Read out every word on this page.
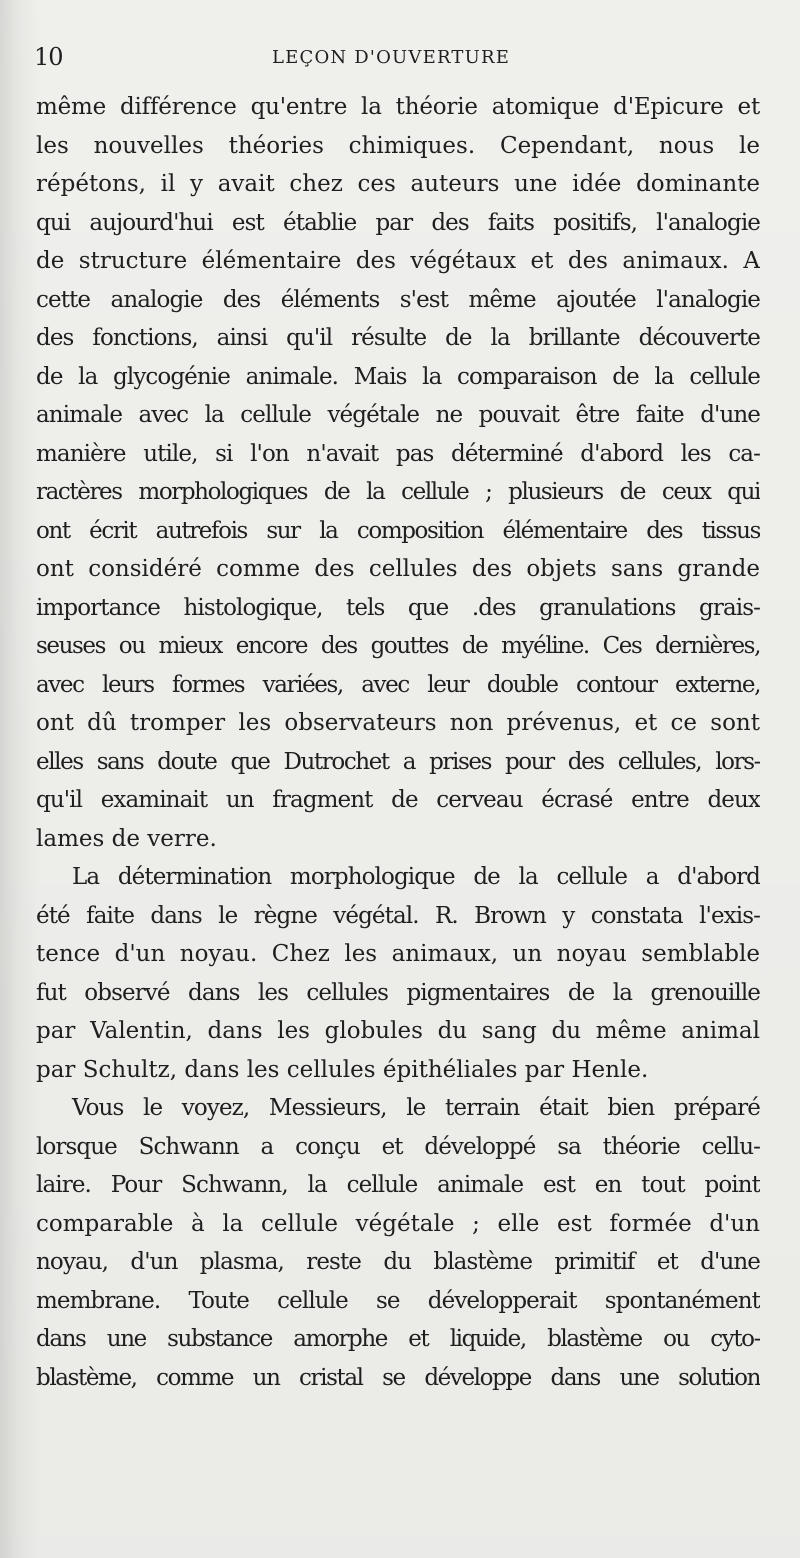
10	LEÇON D'OUVERTURE
même différence qu'entre la théorie atomique d'Epicure et
les nouvelles théories chimiques. Cependant, nous le
répétons, il y avait chez ces auteurs une idée dominante
qui aujourd'hui est établie par des faits positifs, l'analogie
de structure élémentaire des végétaux et des animaux. A
cette analogie des éléments s'est même ajoutée l'analogie
des fonctions, ainsi qu'il résulte de la brillante découverte
de la glycogénie animale. Mais la comparaison de la cellule
animale avec la cellule végétale ne pouvait être faite d'une
manière utile, si l'on n'avait pas déterminé d'abord les ca-
ractères morphologiques de la cellule ; plusieurs de ceux qui
ont écrit autrefois sur la composition élémentaire des tissus
ont considéré comme des cellules des objets sans grande
importance histologique, tels que .des granulations grais-
seuses ou mieux encore des gouttes de myéline. Ces dernières,
avec leurs formes variées, avec leur double contour externe,
ont dû tromper les observateurs non prévenus, et ce sont
elles sans doute que Dutrochet a prises pour des cellules, lors-
qu'il examinait un fragment de cerveau écrasé entre deux
lames de verre.
La détermination morphologique de la cellule a d'abord
été faite dans le règne végétal. R. Brown y constata l'exis-
tence d'un noyau. Chez les animaux, un noyau semblable
fut observé dans les cellules pigmentaires de la grenouille
par Valentin, dans les globules du sang du même animal
par Schultz, dans les cellules épithéliales par Henle.
Vous le voyez, Messieurs, le terrain était bien préparé
lorsque Schwann a conçu et développé sa théorie cellu-
laire. Pour Schwann, la cellule animale est en tout point
comparable à la cellule végétale ; elle est formée d'un
noyau, d'un plasma, reste du blastème primitif et d'une
membrane. Toute cellule se développerait spontanément
dans une substance amorphe et liquide, blastème ou cyto-
blastème, comme un cristal se développe dans une solution
